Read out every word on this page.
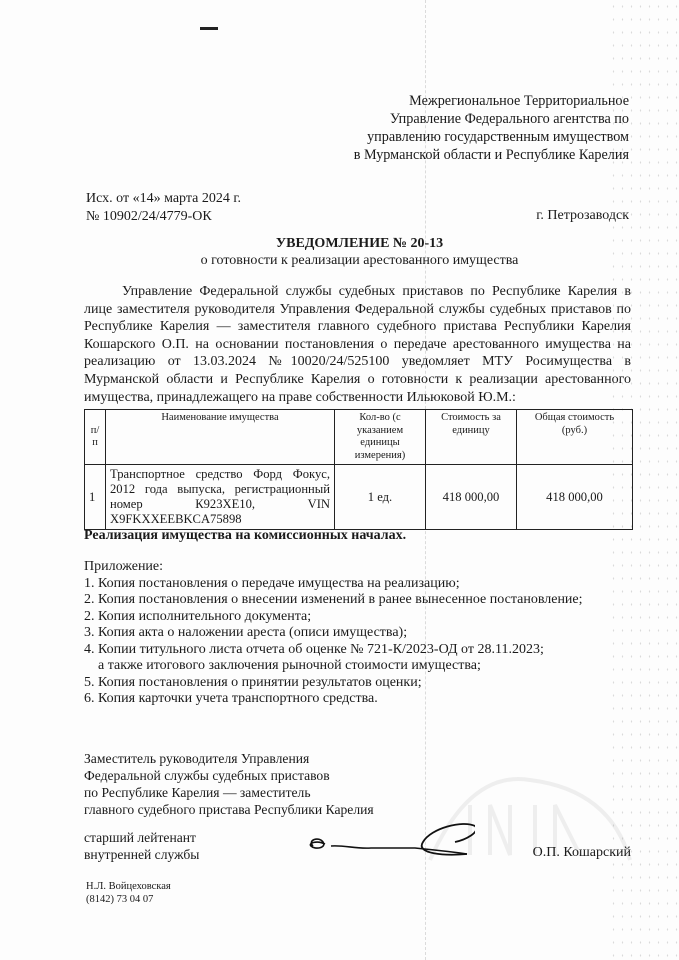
Межрегиональное Территориальное
Управление Федерального агентства по
управлению государственным имуществом
в Мурманской области и Республике Карелия
Исх. от «14» марта 2024 г.
№ 10902/24/4779-ОК	г. Петрозаводск
УВЕДОМЛЕНИЕ № 20-13
о готовности к реализации арестованного имущества
Управление Федеральной службы судебных приставов по Республике Карелия в лице заместителя руководителя Управления Федеральной службы судебных приставов по Республике Карелия — заместителя главного судебного пристава Республики Карелия Кошарского О.П. на основании постановления о передаче арестованного имущества на реализацию от 13.03.2024 №10020/24/525100 уведомляет МТУ Росимущества в Мурманской области и Республике Карелия о готовности к реализации арестованного имущества, принадлежащего на праве собственности Ильюковой Ю.М.:
п/п	Наименование имущества	Кол-во (с указанием единицы измерения)	Стоимость за единицу	Общая стоимость (руб.)
1	Транспортное средство Форд Фокус, 2012 года выпуска, регистрационный номер К923ХЕ10, VIN X9FKXXEEBKCA75898	1 ед.	418 000,00	418 000,00
Реализация имущества на комиссионных началах.
Приложение:
1. Копия постановления о передаче имущества на реализацию;
2. Копия постановления о внесении изменений в ранее вынесенное постановление;
2. Копия исполнительного документа;
3. Копия акта о наложении ареста (описи имущества);
4. Копии титульного листа отчета об оценке № 721-К/2023-ОД от 28.11.2023;
а также итогового заключения рыночной стоимости имущества;
5. Копия постановления о принятии результатов оценки;
6. Копия карточки учета транспортного средства.
Заместитель руководителя Управления
Федеральной службы судебных приставов
по Республике Карелия — заместитель
главного судебного пристава Республики Карелия
старший лейтенант
внутренней службы	О.П. Кошарский
Н.Л. Войцеховская
(8142) 73 04 07
